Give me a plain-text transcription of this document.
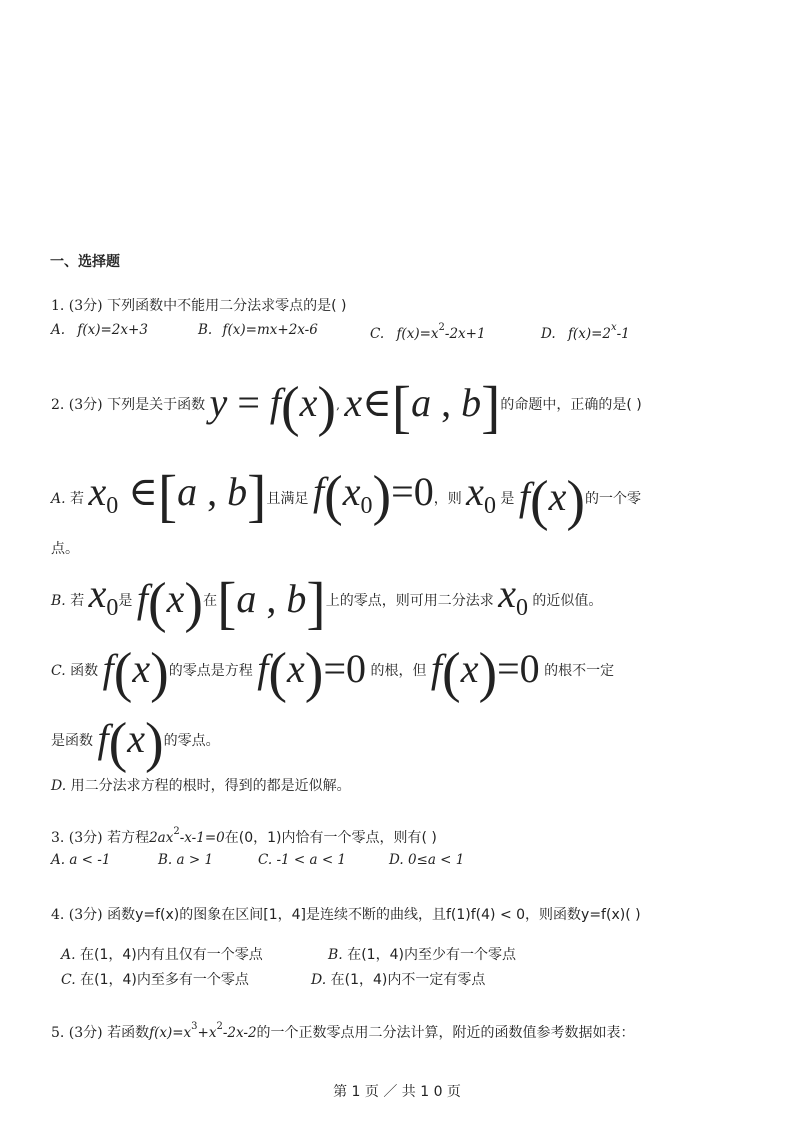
一、选择题
1. (3分) 下列函数中不能用二分法求零点的是( )
A. f(x)=2x+3	B. f(x)=mx+2x-6	C. $f(x)=x^2-2x+1$	D. $f(x)=2^x-1$
2. (3分) 下列是关于函数 y = f(x), x∈[a , b]的命题中，正确的是( )
A. 若 $x_0$ ∈[a , b]且满足 $f(x_0)=0$，则 $x_0$ 是 f(x)的一个零
点。
B. 若 $x_0$是 f(x)在[a , b]上的零点，则可用二分法求 $x_0$ 的近似值。
C. 函数 f(x)的零点是方程 f(x)=0 的根，但 f(x)=0 的根不一定
是函数 f(x)的零点。
D. 用二分法求方程的根时，得到的都是近似解。
3. (3分) 若方程$2ax^2-x-1=0$在(0，1)内恰有一个零点，则有( )
A. a < -1	B. a > 1	C. -1 < a < 1	D. 0≤a < 1
4. (3分) 函数y=f(x)的图象在区间[1，4]是连续不断的曲线，且f(1)f(4) < 0，则函数y=f(x)( )
A. 在(1，4)内有且仅有一个零点	B. 在(1，4)内至少有一个零点
C. 在(1，4)内至多有一个零点	D. 在(1，4)内不一定有零点
5. (3分) 若函数$f(x)=x^3+x^2-2x-2$的一个正数零点用二分法计算，附近的函数值参考数据如表：
第 1 页 ／ 共 1 0 页
